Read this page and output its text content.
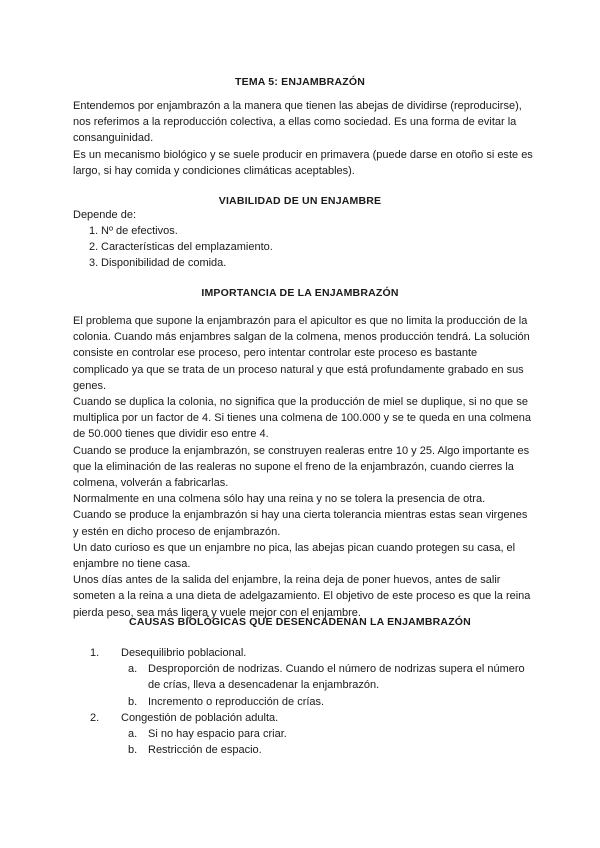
TEMA 5: ENJAMBRAZÓN

Entendemos por enjambrazón a la manera que tienen las abejas de dividirse (reproducirse), nos referimos a la reproducción colectiva, a ellas como sociedad. Es una forma de evitar la consanguinidad.

Es un mecanismo biológico y se suele producir en primavera (puede darse en otoño si este es largo, si hay comida y condiciones climáticas aceptables).

VIABILIDAD DE UN ENJAMBRE
Depende de:
1. Nº de efectivos.
2. Características del emplazamiento.
3. Disponibilidad de comida.
IMPORTANCIA DE LA ENJAMBRAZÓN

El problema que supone la enjambrazón para el apicultor es que no limita la producción de la colonia. Cuando más enjambres salgan de la colmena, menos producción tendrá. La solución consiste en controlar ese proceso, pero intentar controlar este proceso es bastante complicado ya que se trata de un proceso natural y que está profundamente grabado en sus genes.

Cuando se duplica la colonia, no significa que la producción de miel se duplique, si no que se multiplica por un factor de 4. Si tienes una colmena de 100.000 y se te queda en una colmena de 50.000 tienes que dividir eso entre 4.

Cuando se produce la enjambrazón, se construyen realeras entre 10 y 25. Algo importante es que la eliminación de las realeras no supone el freno de la enjambrazón, cuando cierres la colmena, volverán a fabricarlas.

Normalmente en una colmena sólo hay una reina y no se tolera la presencia de otra.

Cuando se produce la enjambrazón si hay una cierta tolerancia mientras estas sean virgenes y estén en dicho proceso de enjambrazón.

Un dato curioso es que un enjambre no pica, las abejas pican cuando protegen su casa, el enjambre no tiene casa.

Unos días antes de la salida del enjambre, la reina deja de poner huevos, antes de salir someten a la reina a una dieta de adelgazamiento. El objetivo de este proceso es que la reina pierda peso, sea más ligera y vuele mejor con el enjambre.

CAUSAS BIOLÓGICAS QUE DESENCADENAN LA ENJAMBRAZÓN
1. Desequilibrio poblacional.
a. Desproporción de nodrizas. Cuando el número de nodrizas supera el número de crías, lleva a desencadenar la enjambrazón.
b. Incremento o reproducción de crías.
2. Congestión de población adulta.
a. Si no hay espacio para criar.
b. Restricción de espacio.
